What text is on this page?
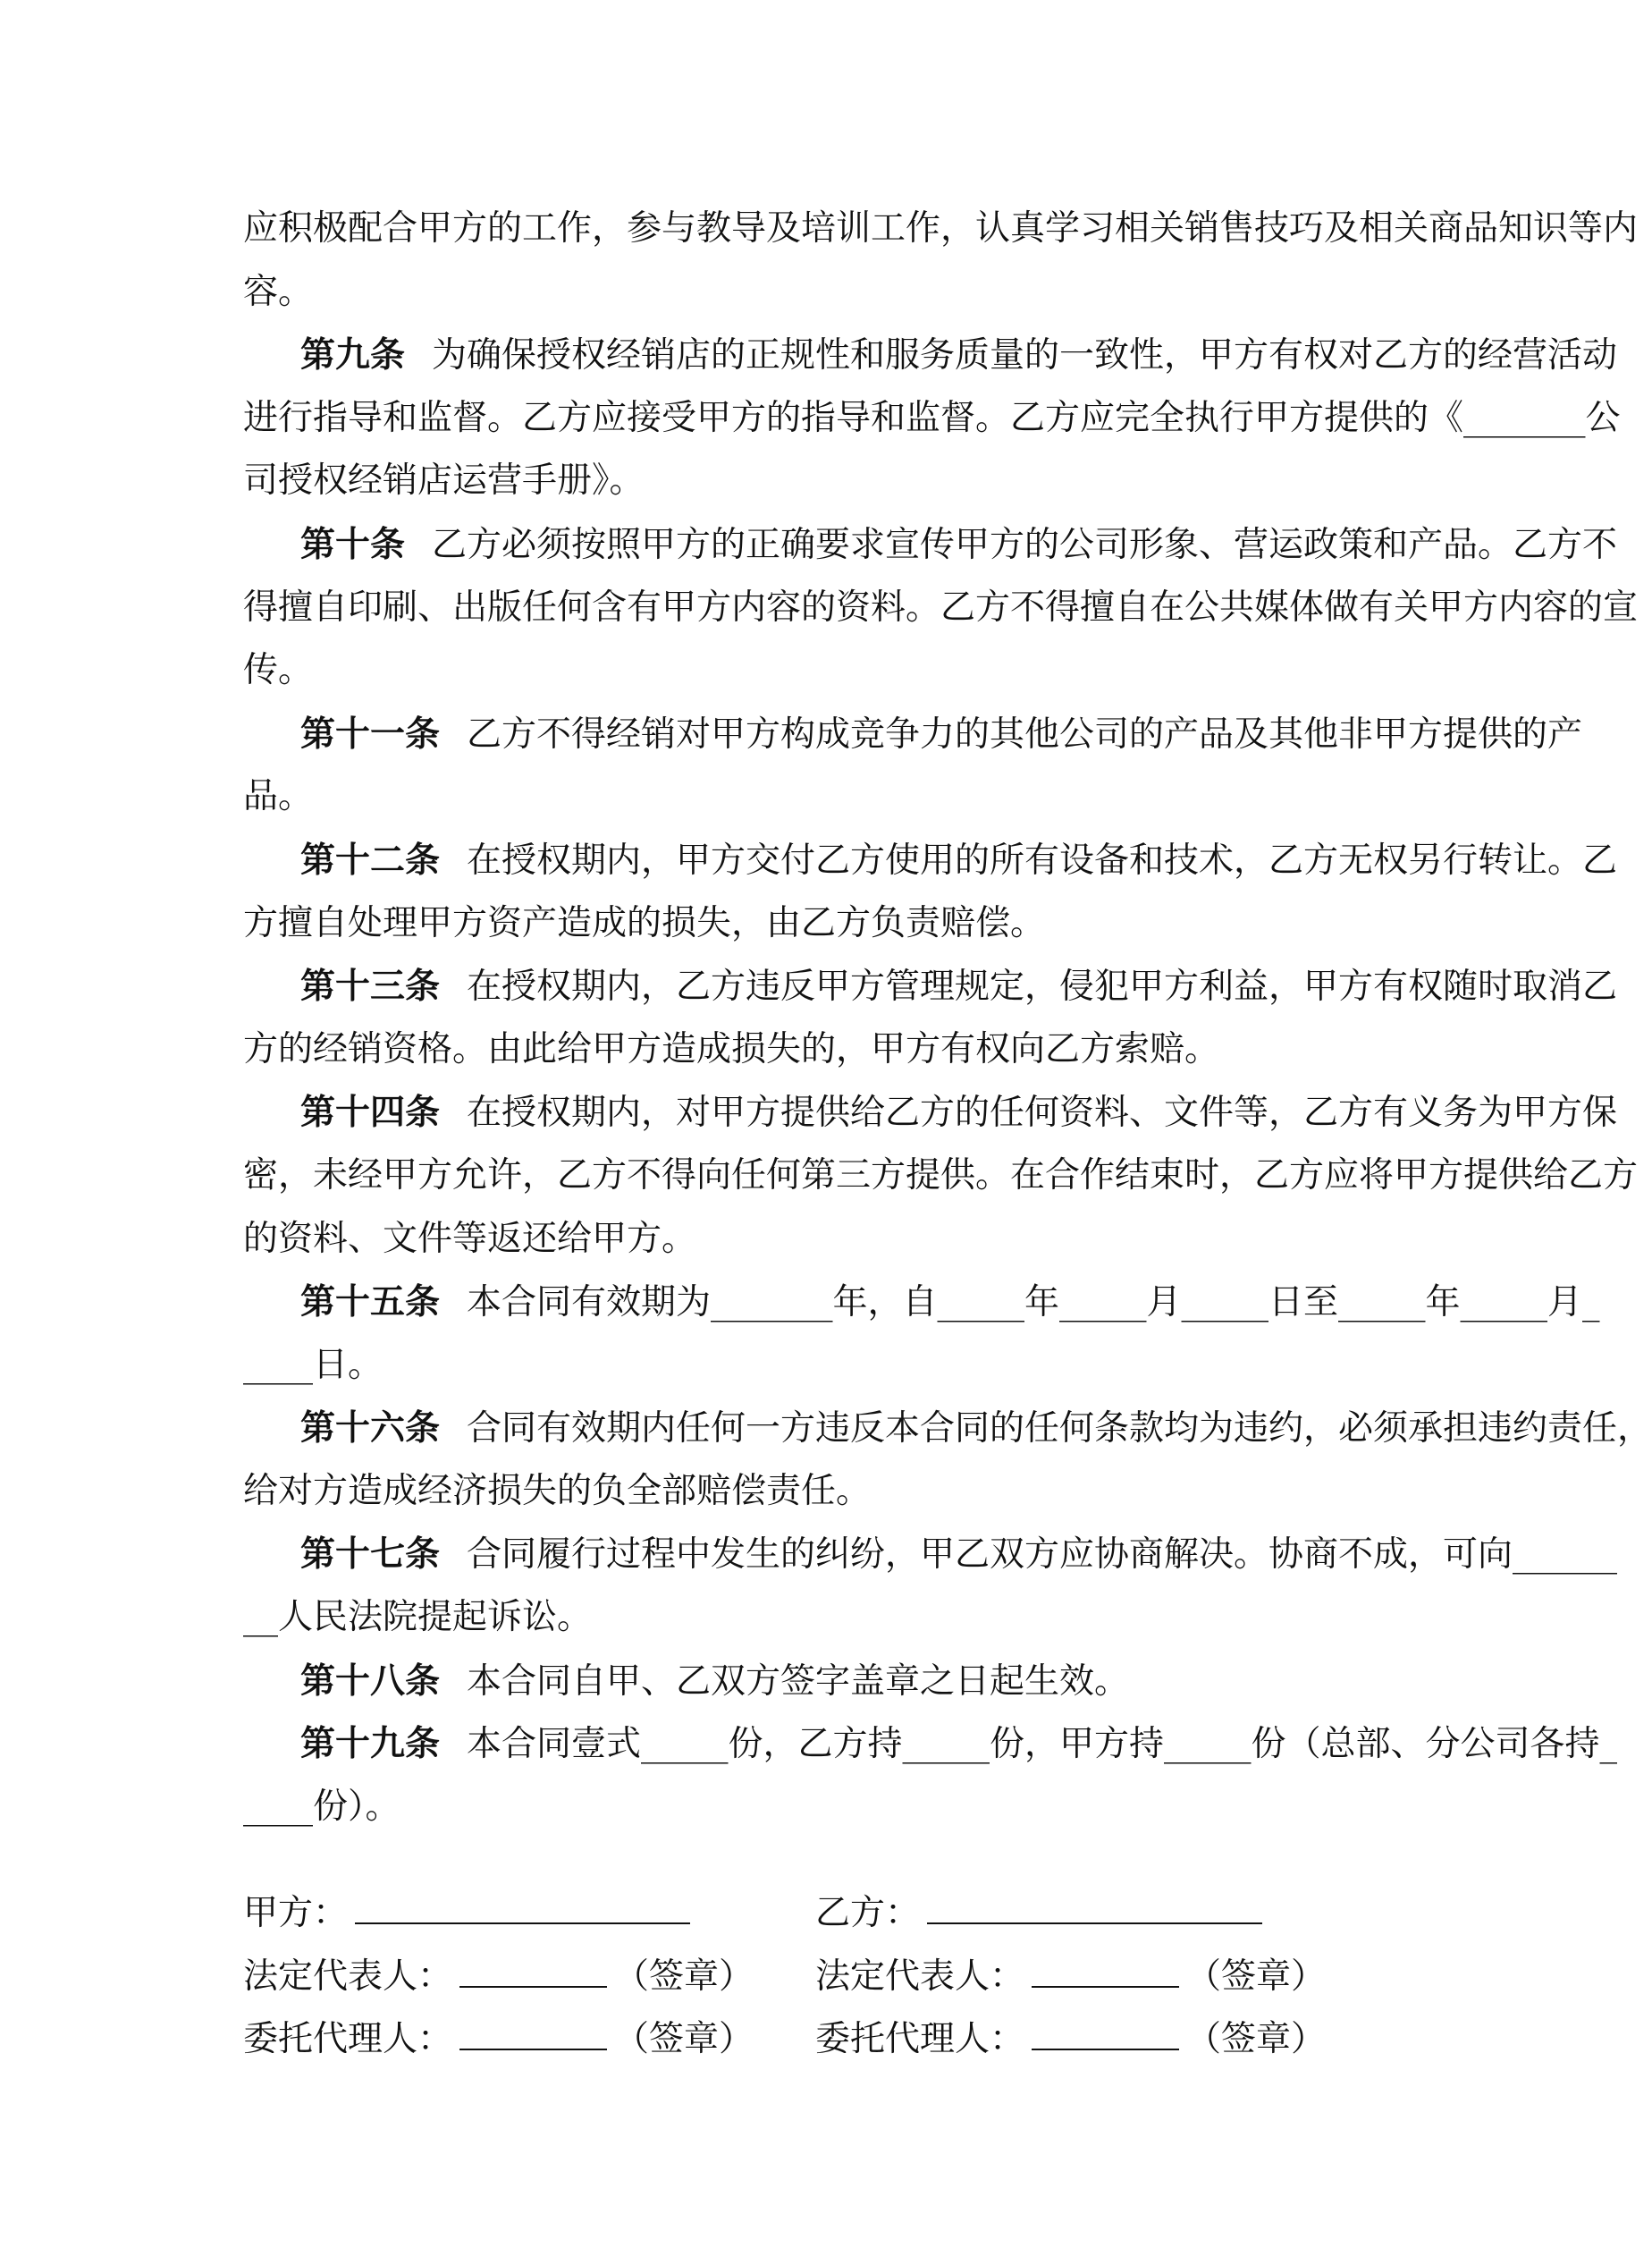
应积极配合甲方的工作，参与教导及培训工作，认真学习相关销售技巧及相关商品知识等内
容。
第九条 为确保授权经销店的正规性和服务质量的一致性，甲方有权对乙方的经营活动
进行指导和监督。乙方应接受甲方的指导和监督。乙方应完全执行甲方提供的《_______公
司授权经销店运营手册》。
第十条 乙方必须按照甲方的正确要求宣传甲方的公司形象、营运政策和产品。乙方不
得擅自印刷、出版任何含有甲方内容的资料。乙方不得擅自在公共媒体做有关甲方内容的宣
传。
第十一条 乙方不得经销对甲方构成竞争力的其他公司的产品及其他非甲方提供的产
品。
第十二条 在授权期内，甲方交付乙方使用的所有设备和技术，乙方无权另行转让。乙
方擅自处理甲方资产造成的损失，由乙方负责赔偿。
第十三条 在授权期内，乙方违反甲方管理规定，侵犯甲方利益，甲方有权随时取消乙
方的经销资格。由此给甲方造成损失的，甲方有权向乙方索赔。
第十四条 在授权期内，对甲方提供给乙方的任何资料、文件等，乙方有义务为甲方保
密，未经甲方允许，乙方不得向任何第三方提供。在合作结束时，乙方应将甲方提供给乙方
的资料、文件等返还给甲方。
第十五条 本合同有效期为_______年，自_____年_____月_____日至_____年_____月_
____日。
第十六条 合同有效期内任何一方违反本合同的任何条款均为违约，必须承担违约责任，
给对方造成经济损失的负全部赔偿责任。
第十七条 合同履行过程中发生的纠纷，甲乙双方应协商解决。协商不成，可向______
__人民法院提起诉讼。
第十八条 本合同自甲、乙双方签字盖章之日起生效。
第十九条 本合同壹式_____份，乙方持_____份，甲方持_____份（总部、分公司各持_
____份）。
甲方：	乙方：
法定代表人：	（签章） 法定代表人：	（签章）
委托代理人：	（签章） 委托代理人：	（签章）
